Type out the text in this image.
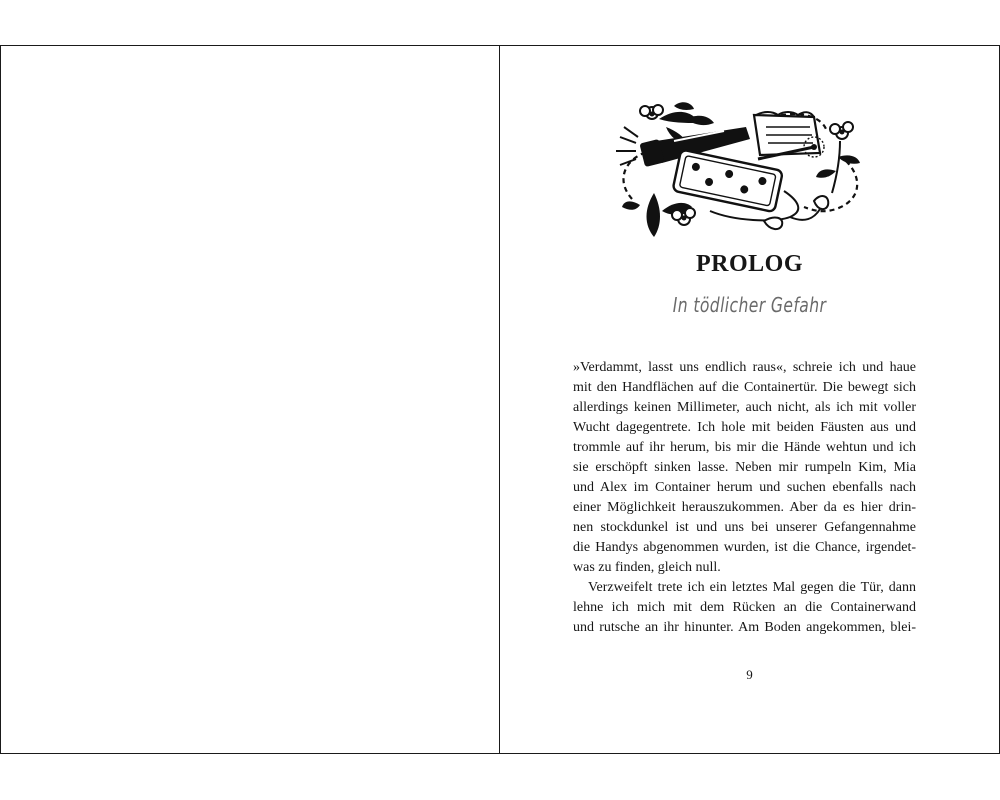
PROLOG
In tödlicher Gefahr
»Verdammt, lasst uns endlich raus«, schreie ich und haue
mit den Handflächen auf die Containertür. Die bewegt sich
allerdings keinen Millimeter, auch nicht, als ich mit voller
Wucht dagegentrete. Ich hole mit beiden Fäusten aus und
trommle auf ihr herum, bis mir die Hände wehtun und ich
sie erschöpft sinken lasse. Neben mir rumpeln Kim, Mia
und Alex im Container herum und suchen ebenfalls nach
einer Möglichkeit herauszukommen. Aber da es hier drin-
nen stockdunkel ist und uns bei unserer Gefangennahme
die Handys abgenommen wurden, ist die Chance, irgendet-
was zu finden, gleich null.
Verzweifelt trete ich ein letztes Mal gegen die Tür, dann
lehne ich mich mit dem Rücken an die Containerwand
und rutsche an ihr hinunter. Am Boden angekommen, blei-
9
